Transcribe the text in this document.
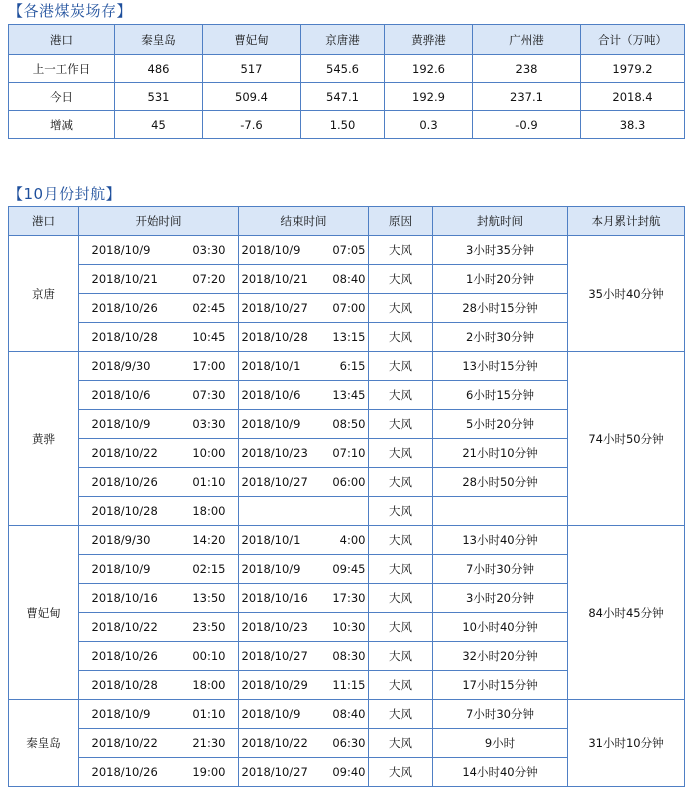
【各港煤炭场存】
港口	秦皇岛	曹妃甸	京唐港	黄骅港	广州港	合计（万吨）
上一工作日	486	517	545.6	192.6	238	1979.2
今日	531	509.4	547.1	192.9	237.1	2018.4
增减	45	-7.6	1.50	0.3	-0.9	38.3
【10月份封航】
港口	开始时间	结束时间	原因	封航时间	本月累计封航
京唐	2018/10/9 03:30	2018/10/9 07:05	大风	3小时35分钟	35小时40分钟
	2018/10/21 07:20	2018/10/21 08:40	大风	1小时20分钟	
	2018/10/26 02:45	2018/10/27 07:00	大风	28小时15分钟	
	2018/10/28 10:45	2018/10/28 13:15	大风	2小时30分钟	
黄骅	2018/9/30 17:00	2018/10/1 6:15	大风	13小时15分钟	74小时50分钟
	2018/10/6 07:30	2018/10/6 13:45	大风	6小时15分钟	
	2018/10/9 03:30	2018/10/9 08:50	大风	5小时20分钟	
	2018/10/22 10:00	2018/10/23 07:10	大风	21小时10分钟	
	2018/10/26 01:10	2018/10/27 06:00	大风	28小时50分钟	
	2018/10/28 18:00		大风		
曹妃甸	2018/9/30 14:20	2018/10/1 4:00	大风	13小时40分钟	84小时45分钟
	2018/10/9 02:15	2018/10/9 09:45	大风	7小时30分钟	
	2018/10/16 13:50	2018/10/16 17:30	大风	3小时20分钟	
	2018/10/22 23:50	2018/10/23 10:30	大风	10小时40分钟	
	2018/10/26 00:10	2018/10/27 08:30	大风	32小时20分钟	
	2018/10/28 18:00	2018/10/29 11:15	大风	17小时15分钟	
秦皇岛	2018/10/9 01:10	2018/10/9 08:40	大风	7小时30分钟	31小时10分钟
	2018/10/22 21:30	2018/10/22 06:30	大风	9小时	
	2018/10/26 19:00	2018/10/27 09:40	大风	14小时40分钟	
